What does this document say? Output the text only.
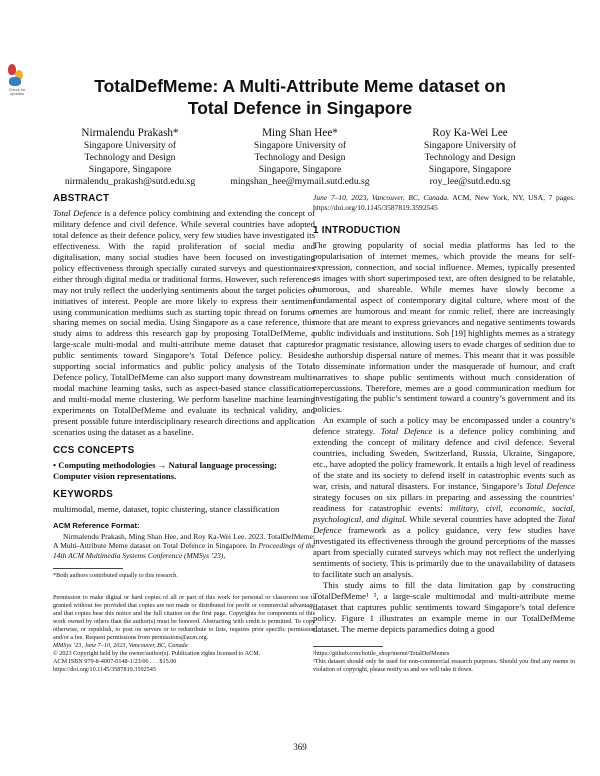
Check for updates	TotalDefMeme: A Multi-Attribute Meme dataset on
Total Defence in Singapore
Nirmalendu Prakash*
Singapore University of
Technology and Design
Singapore, Singapore
nirmalendu_prakash@sutd.edu.sg
Ming Shan Hee*
Singapore University of
Technology and Design
Singapore, Singapore
mingshan_hee@mymail.sutd.edu.sg
Roy Ka-Wei Lee
Singapore University of
Technology and Design
Singapore, Singapore
roy_lee@sutd.edu.sg
ABSTRACT

Total Defence is a defence policy combining and extending the concept of military defence and civil defence. While several countries have adopted total defence as their defence policy, very few studies have investigated its effectiveness. With the rapid proliferation of social media and digitalisation, many social studies have been focused on investigating policy effectiveness through specially curated surveys and questionnaires either through digital media or traditional forms. However, such references may not truly reflect the underlying sentiments about the target policies or initiatives of interest. People are more likely to express their sentiment using communication mediums such as starting topic thread on forums or sharing memes on social media. Using Singapore as a case reference, this study aims to address this research gap by proposing TotalDefMeme, a large-scale multi-modal and multi-attribute meme dataset that captures public sentiments toward Singapore’s Total Defence policy. Besides supporting social informatics and public policy analysis of the Total Defence policy, TotalDefMeme can also support many downstream multi-modal machine learning tasks, such as aspect-based stance classification and multi-modal meme clustering. We perform baseline machine learning experiments on TotalDefMeme and evaluate its technical validity, and present possible future interdisciplinary research directions and application scenarios using the dataset as a baseline.

CCS CONCEPTS
• Computing methodologies → Natural language processing;
Computer vision representations.
KEYWORDS

multimodal, meme, dataset, topic clustering, stance classification

ACM Reference Format:

Nirmalendu Prakash, Ming Shan Hee, and Roy Ka-Wei Lee. 2023. TotalDefMeme: A Multi-Attribute Meme dataset on Total Defence in Singapore. In Proceedings of the 14th ACM Multimedia Systems Conference (MMSys ’23),

*Both authors contributed equally to this research.

Permission to make digital or hard copies of all or part of this work for personal or classroom use is granted without fee provided that copies are not made or distributed for profit or commercial advantage and that copies bear this notice and the full citation on the first page. Copyrights for components of this work owned by others than the author(s) must be honored. Abstracting with credit is permitted. To copy otherwise, or republish, to post on servers or to redistribute to lists, requires prior specific permission and/or a fee. Request permissions from permissions@acm.org.

MMSys ’23, June 7–10, 2023, Vancouver, BC, Canada

© 2023 Copyright held by the owner/author(s). Publication rights licensed to ACM.

ACM ISBN 979-8-4007-0148-1/23/06 . . . $15.00

https://doi.org/10.1145/3587819.3592545

June 7–10, 2023, Vancouver, BC, Canada. ACM, New York, NY, USA, 7 pages. https://doi.org/10.1145/3587819.3592545

1 INTRODUCTION

The growing popularity of social media platforms has led to the popularisation of internet memes, which provide the means for self-expression, connection, and social influence. Memes, typically presented as images with short superimposed text, are often designed to be relatable, humorous, and shareable. While memes have slowly become a fundamental aspect of contemporary digital culture, where most of the memes are humorous and meant for comic relief, there are increasingly more that are meant to express grievances and negative sentiments towards public individuals and institutions. Soh [19] highlights memes as a strategy for pragmatic resistance, allowing users to evade charges of sedition due to the authorship dispersal nature of memes. This meant that it was possible to disseminate information under the masquerade of humour, and craft narratives to shape public sentiments without much consideration of repercussions. Therefore, memes are a good communication medium for investigating the public’s sentiment toward a country’s government and its policies.

An example of such a policy may be encompassed under a country’s defence strategy. Total Defence is a defence policy combining and extending the concept of military defence and civil defence. Several countries, including Sweden, Switzerland, Russia, Ukraine, Singapore, etc., have adopted the policy framework. It entails a high level of readiness of the state and its society to defend itself in catastrophic events such as war, crisis, and natural disasters. For instance, Singapore’s Total Defence strategy focuses on six pillars in preparing and assessing the countries’ readiness for catastrophic events: military, civil, economic, social, psychological, and digital. While several countries have adopted the Total Defence framework as a policy guidance, very few studies have investigated its effectiveness through the ground perceptions of the masses apart from specially curated surveys which may not reflect the underlying sentiments of society. This is primarily due to the unavailability of datasets to facilitate such an analysis.

This study aims to fill the data limitation gap by constructing TotalDefMeme¹ ², a large-scale multimodal and multi-attribute meme dataset that captures public sentiments toward Singapore’s total defence policy. Figure 1 illustrates an example meme in our TotalDefMeme dataset. The meme depicts paramedics doing a good

¹https://github.com/bottle_shop/meme/TotalDefMemes

²This dataset should only be used for non-commercial research purposes. Should you find any meme in violation of copyright, please notify us and we will take it down.

369
